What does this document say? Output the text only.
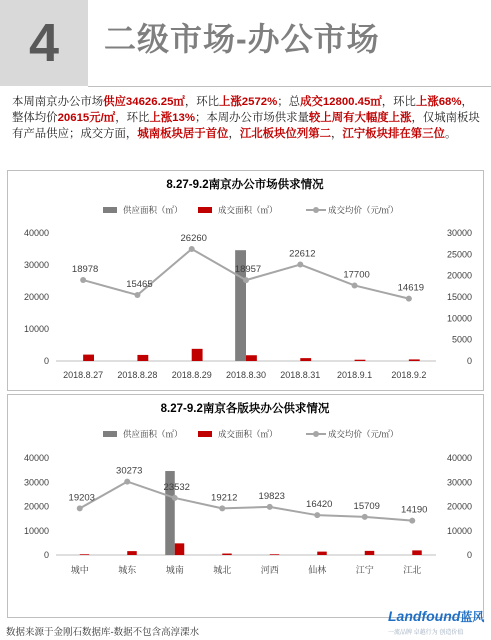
4 二级市场-办公市场
本周南京办公市场供应34626.25㎡，环比上涨2572%；总成交12800.45㎡，环比上涨68%，整体均价20615元/㎡，环比上涨13%；本周办公市场供求量较上周有大幅度上涨，仅城南板块有产品供应；成交方面，城南板块居于首位，江北板块位列第二，江宁板块排在第三位。
8.27-9.2南京办公市场供求情况
供应面积（㎡）	成交面积（㎡）	成交均价（元/㎡）
0
10000
20000
30000
40000
0
5000
10000
15000
20000
25000
30000
18978
15465
26260
18957
22612
17700
14619
2018.8.27 2018.8.28 2018.8.29 2018.8.30 2018.8.31 2018.9.1 2018.9.2
8.27-9.2南京各版块办公供求情况
供应面积（㎡）	成交面积（㎡）	成交均价（元/㎡）
0
10000
20000
30000
40000
0
10000
20000
30000
40000
19203
30273
23532
19212 19823
16420 15709 14190
城中	城东	城南	城北	河西	仙林	江宁	江北
数据来源于金刚石数据库-数据不包含高淳溧水
Landfound蓝风
一流品牌 卓越行为 创造价值
